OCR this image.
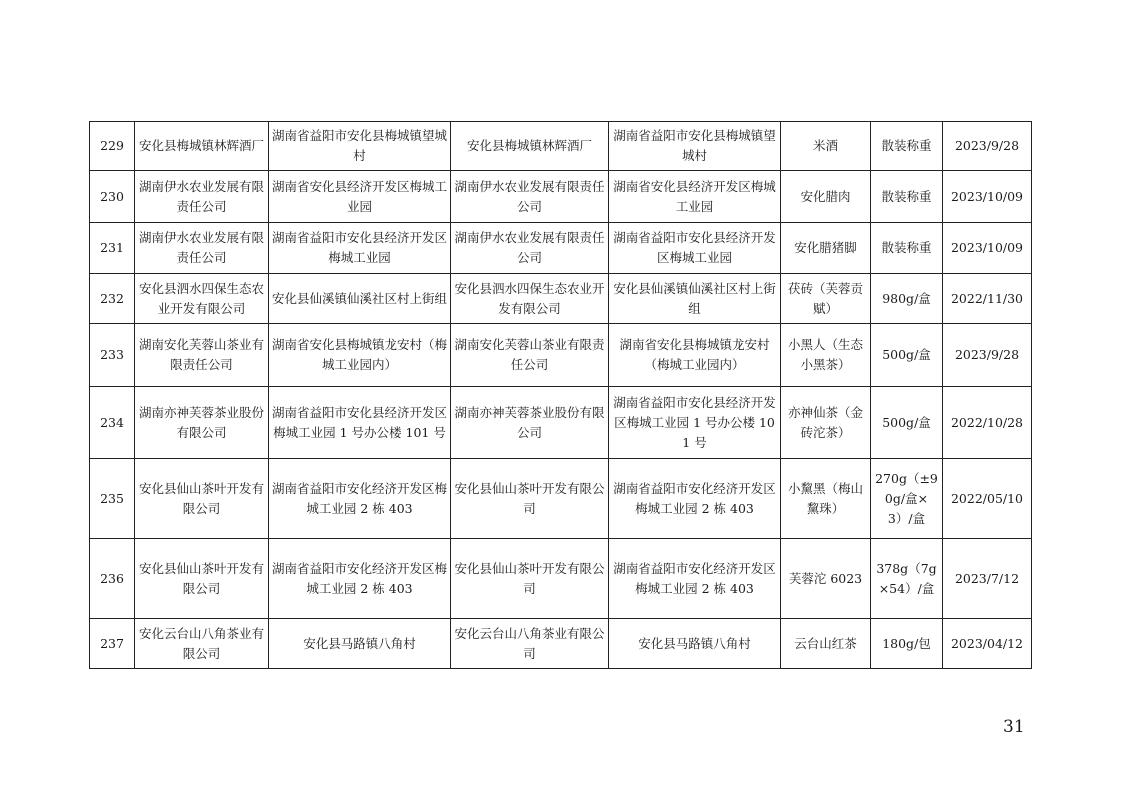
229	安化县梅城镇林辉酒厂	湖南省益阳市安化县梅城镇望城村	安化县梅城镇林辉酒厂	湖南省益阳市安化县梅城镇望城村	米酒	散装称重	2023/9/28
230	湖南伊水农业发展有限责任公司	湖南省安化县经济开发区梅城工业园	湖南伊水农业发展有限责任公司	湖南省安化县经济开发区梅城工业园	安化腊肉	散装称重	2023/10/09
231	湖南伊水农业发展有限责任公司	湖南省益阳市安化县经济开发区梅城工业园	湖南伊水农业发展有限责任公司	湖南省益阳市安化县经济开发区梅城工业园	安化腊猪脚	散装称重	2023/10/09
232	安化县泗水四保生态农业开发有限公司	安化县仙溪镇仙溪社区村上街组	安化县泗水四保生态农业开发有限公司	安化县仙溪镇仙溪社区村上街组	茯砖（芙蓉贡赋）	980g/盒	2022/11/30
233	湖南安化芙蓉山茶业有限责任公司	湖南省安化县梅城镇龙安村（梅城工业园内）	湖南安化芙蓉山茶业有限责任公司	湖南省安化县梅城镇龙安村（梅城工业园内）	小黑人（生态小黑茶）	500g/盒	2023/9/28
234	湖南亦神芙蓉茶业股份有限公司	湖南省益阳市安化县经济开发区梅城工业园 1 号办公楼 101 号	湖南亦神芙蓉茶业股份有限公司	湖南省益阳市安化县经济开发区梅城工业园 1 号办公楼 101 号	亦神仙茶（金砖沱茶）	500g/盒	2022/10/28
235	安化县仙山茶叶开发有限公司	湖南省益阳市安化经济开发区梅城工业园 2 栋 403	安化县仙山茶叶开发有限公司	湖南省益阳市安化经济开发区梅城工业园 2 栋 403	小黧黑（梅山黧珠）	270g（±90g/盒×3）/盒	2022/05/10
236	安化县仙山茶叶开发有限公司	湖南省益阳市安化经济开发区梅城工业园 2 栋 403	安化县仙山茶叶开发有限公司	湖南省益阳市安化经济开发区梅城工业园 2 栋 403	芙蓉沱 6023	378g（7g×54）/盒	2023/7/12
237	安化云台山八角茶业有限公司	安化县马路镇八角村	安化云台山八角茶业有限公司	安化县马路镇八角村	云台山红茶	180g/包	2023/04/12
31
